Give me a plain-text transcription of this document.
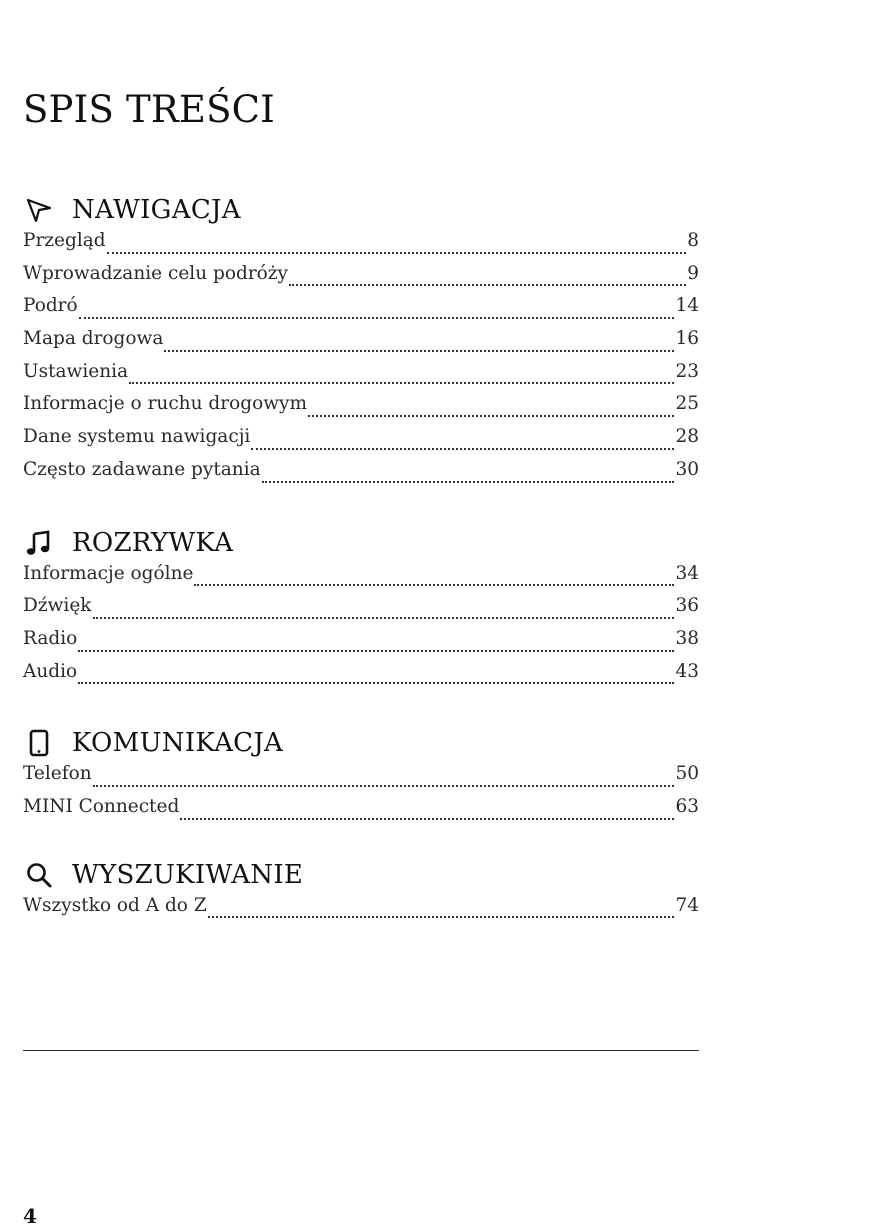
SPIS TREŚCI
NAWIGACJA
Przegląd	8
Wprowadzanie celu podróży	9
Podró	14
Mapa drogowa	16
Ustawienia	23
Informacje o ruchu drogowym	25
Dane systemu nawigacji	28
Często zadawane pytania	30
ROZRYWKA
Informacje ogólne	34
Dźwięk	36
Radio	38
Audio	43
KOMUNIKACJA
Telefon	50
MINI Connected	63
WYSZUKIWANIE
Wszystko od A do Z	74
4
